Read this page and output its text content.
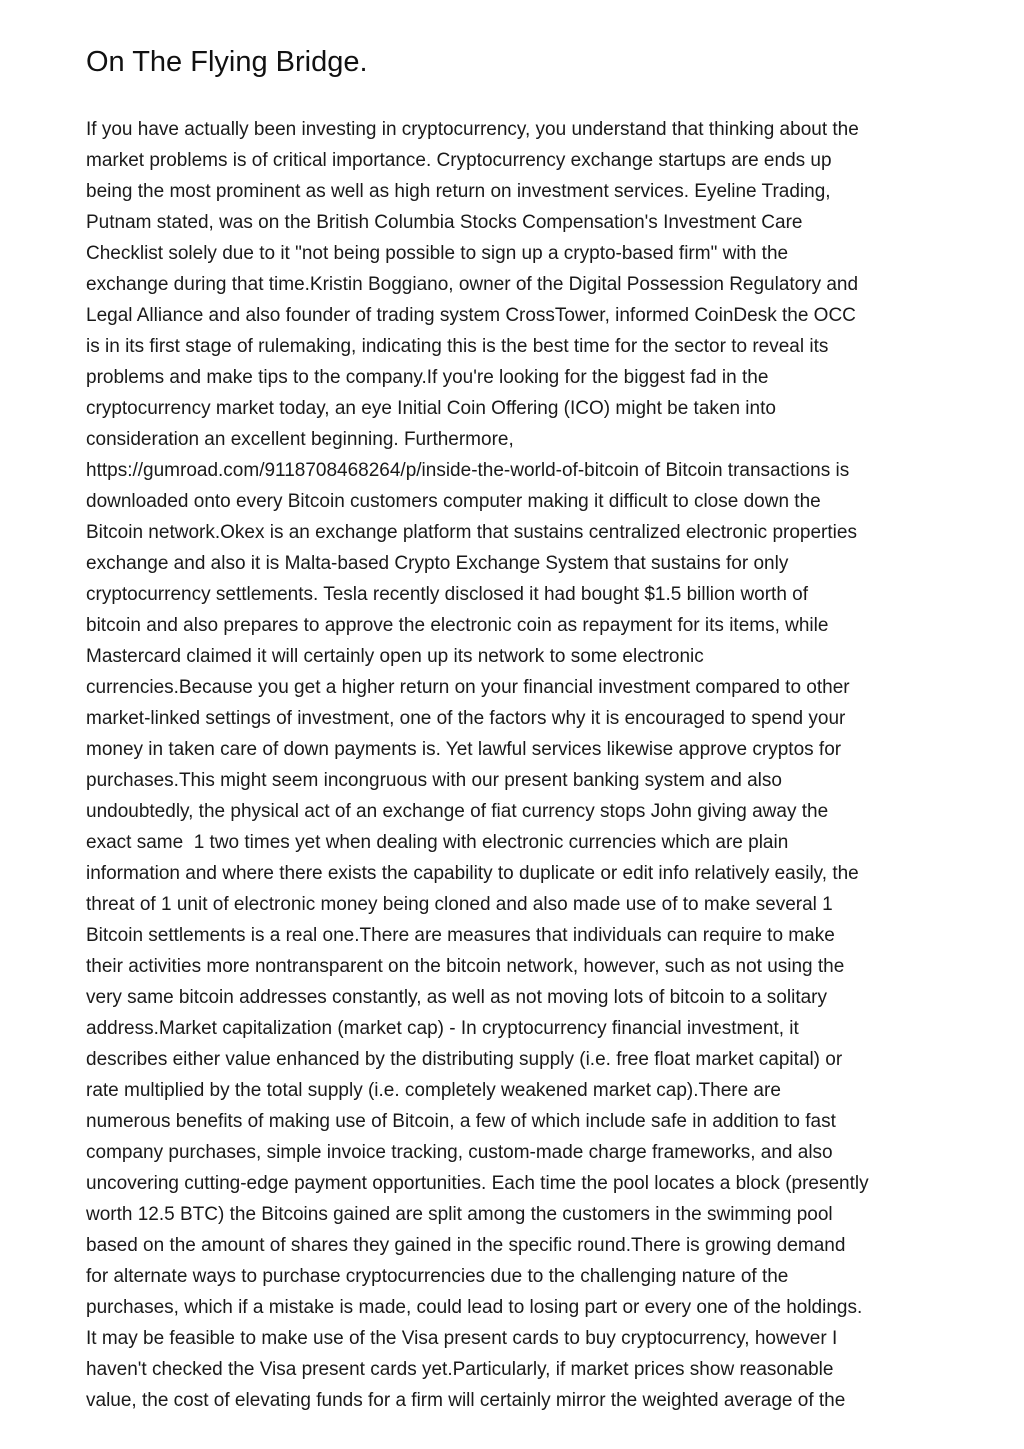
On The Flying Bridge.
If you have actually been investing in cryptocurrency, you understand that thinking about the
market problems is of critical importance. Cryptocurrency exchange startups are ends up
being the most prominent as well as high return on investment services. Eyeline Trading,
Putnam stated, was on the British Columbia Stocks Compensation's Investment Care
Checklist solely due to it "not being possible to sign up a crypto-based firm" with the
exchange during that time.Kristin Boggiano, owner of the Digital Possession Regulatory and
Legal Alliance and also founder of trading system CrossTower, informed CoinDesk the OCC
is in its first stage of rulemaking, indicating this is the best time for the sector to reveal its
problems and make tips to the company.If you're looking for the biggest fad in the
cryptocurrency market today, an eye Initial Coin Offering (ICO) might be taken into
consideration an excellent beginning. Furthermore,
https://gumroad.com/9118708468264/p/inside-the-world-of-bitcoin of Bitcoin transactions is
downloaded onto every Bitcoin customers computer making it difficult to close down the
Bitcoin network.Okex is an exchange platform that sustains centralized electronic properties
exchange and also it is Malta-based Crypto Exchange System that sustains for only
cryptocurrency settlements. Tesla recently disclosed it had bought $1.5 billion worth of
bitcoin and also prepares to approve the electronic coin as repayment for its items, while
Mastercard claimed it will certainly open up its network to some electronic
currencies.Because you get a higher return on your financial investment compared to other
market-linked settings of investment, one of the factors why it is encouraged to spend your
money in taken care of down payments is. Yet lawful services likewise approve cryptos for
purchases.This might seem incongruous with our present banking system and also
undoubtedly, the physical act of an exchange of fiat currency stops John giving away the
exact same  1 two times yet when dealing with electronic currencies which are plain
information and where there exists the capability to duplicate or edit info relatively easily, the
threat of 1 unit of electronic money being cloned and also made use of to make several 1
Bitcoin settlements is a real one.There are measures that individuals can require to make
their activities more nontransparent on the bitcoin network, however, such as not using the
very same bitcoin addresses constantly, as well as not moving lots of bitcoin to a solitary
address.Market capitalization (market cap) - In cryptocurrency financial investment, it
describes either value enhanced by the distributing supply (i.e. free float market capital) or
rate multiplied by the total supply (i.e. completely weakened market cap).There are
numerous benefits of making use of Bitcoin, a few of which include safe in addition to fast
company purchases, simple invoice tracking, custom-made charge frameworks, and also
uncovering cutting-edge payment opportunities. Each time the pool locates a block (presently
worth 12.5 BTC) the Bitcoins gained are split among the customers in the swimming pool
based on the amount of shares they gained in the specific round.There is growing demand
for alternate ways to purchase cryptocurrencies due to the challenging nature of the
purchases, which if a mistake is made, could lead to losing part or every one of the holdings.
It may be feasible to make use of the Visa present cards to buy cryptocurrency, however I
haven't checked the Visa present cards yet.Particularly, if market prices show reasonable
value, the cost of elevating funds for a firm will certainly mirror the weighted average of the
